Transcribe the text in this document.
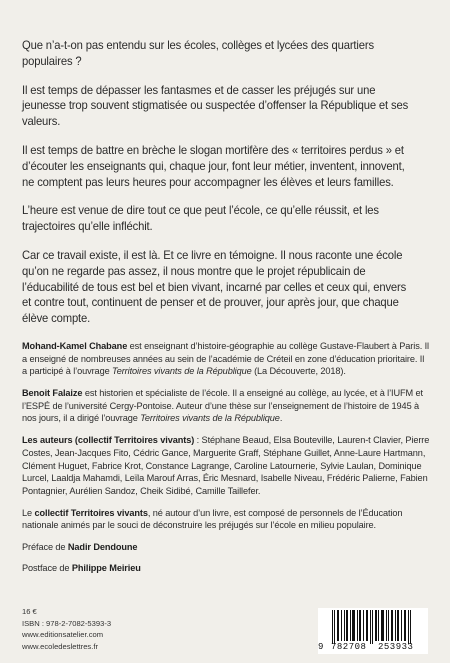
Que n’a-t-on pas entendu sur les écoles, collèges et lycées des quartiers populaires ?

Il est temps de dépasser les fantasmes et de casser les préjugés sur une jeunesse trop souvent stigmatisée ou suspectée d’offenser la République et ses valeurs.

Il est temps de battre en brèche le slogan mortifère des « territoires perdus » et d’écouter les enseignants qui, chaque jour, font leur métier, inventent, innovent, ne comptent pas leurs heures pour accompagner les élèves et leurs familles.

L’heure est venue de dire tout ce que peut l’école, ce qu’elle réussit, et les trajectoires qu’elle infléchit.

Car ce travail existe, il est là. Et ce livre en témoigne. Il nous raconte une école qu’on ne regarde pas assez, il nous montre que le projet républicain de l’éducabilité de tous est bel et bien vivant, incarné par celles et ceux qui, envers et contre tout, continuent de penser et de prouver, jour après jour, que chaque élève compte.

Mohand-Kamel Chabane est enseignant d’histoire-géographie au collège Gustave-Flaubert à Paris. Il a enseigné de nombreuses années au sein de l’académie de Créteil en zone d’éducation prioritaire. Il a participé à l’ouvrage Territoires vivants de la République (La Découverte, 2018).

Benoit Falaize est historien et spécialiste de l’école. Il a enseigné au collège, au lycée, et à l’IUFM et l’ESPÉ de l’université Cergy-Pontoise. Auteur d’une thèse sur l’enseignement de l’histoire de 1945 à nos jours, il a dirigé l’ouvrage Territoires vivants de la République.

Les auteurs (collectif Territoires vivants) : Stéphane Beaud, Elsa Bouteville, Lauren-t Clavier, Pierre Costes, Jean-Jacques Fito, Cédric Gance, Marguerite Graff, Stéphane Guillet, Anne-Laure Hartmann, Clément Huguet, Fabrice Krot, Constance Lagrange, Caroline Latournerie, Sylvie Laulan, Dominique Lurcel, Laaldja Mahamdi, Leïla Marouf Arras, Éric Mesnard, Isabelle Niveau, Frédéric Palierne, Fabien Pontagnier, Aurélien Sandoz, Cheik Sidibé, Camille Taillefer.

Le collectif Territoires vivants, né autour d’un livre, est composé de personnels de l’Éducation nationale animés par le souci de déconstruire les préjugés sur l’école en milieu populaire.

Préface de Nadir Dendoune

Postface de Philippe Meirieu

16 €
ISBN : 978-2-7082-5393-3
www.editionsatelier.com
www.ecoledeslettres.fr	9 782708 253933
